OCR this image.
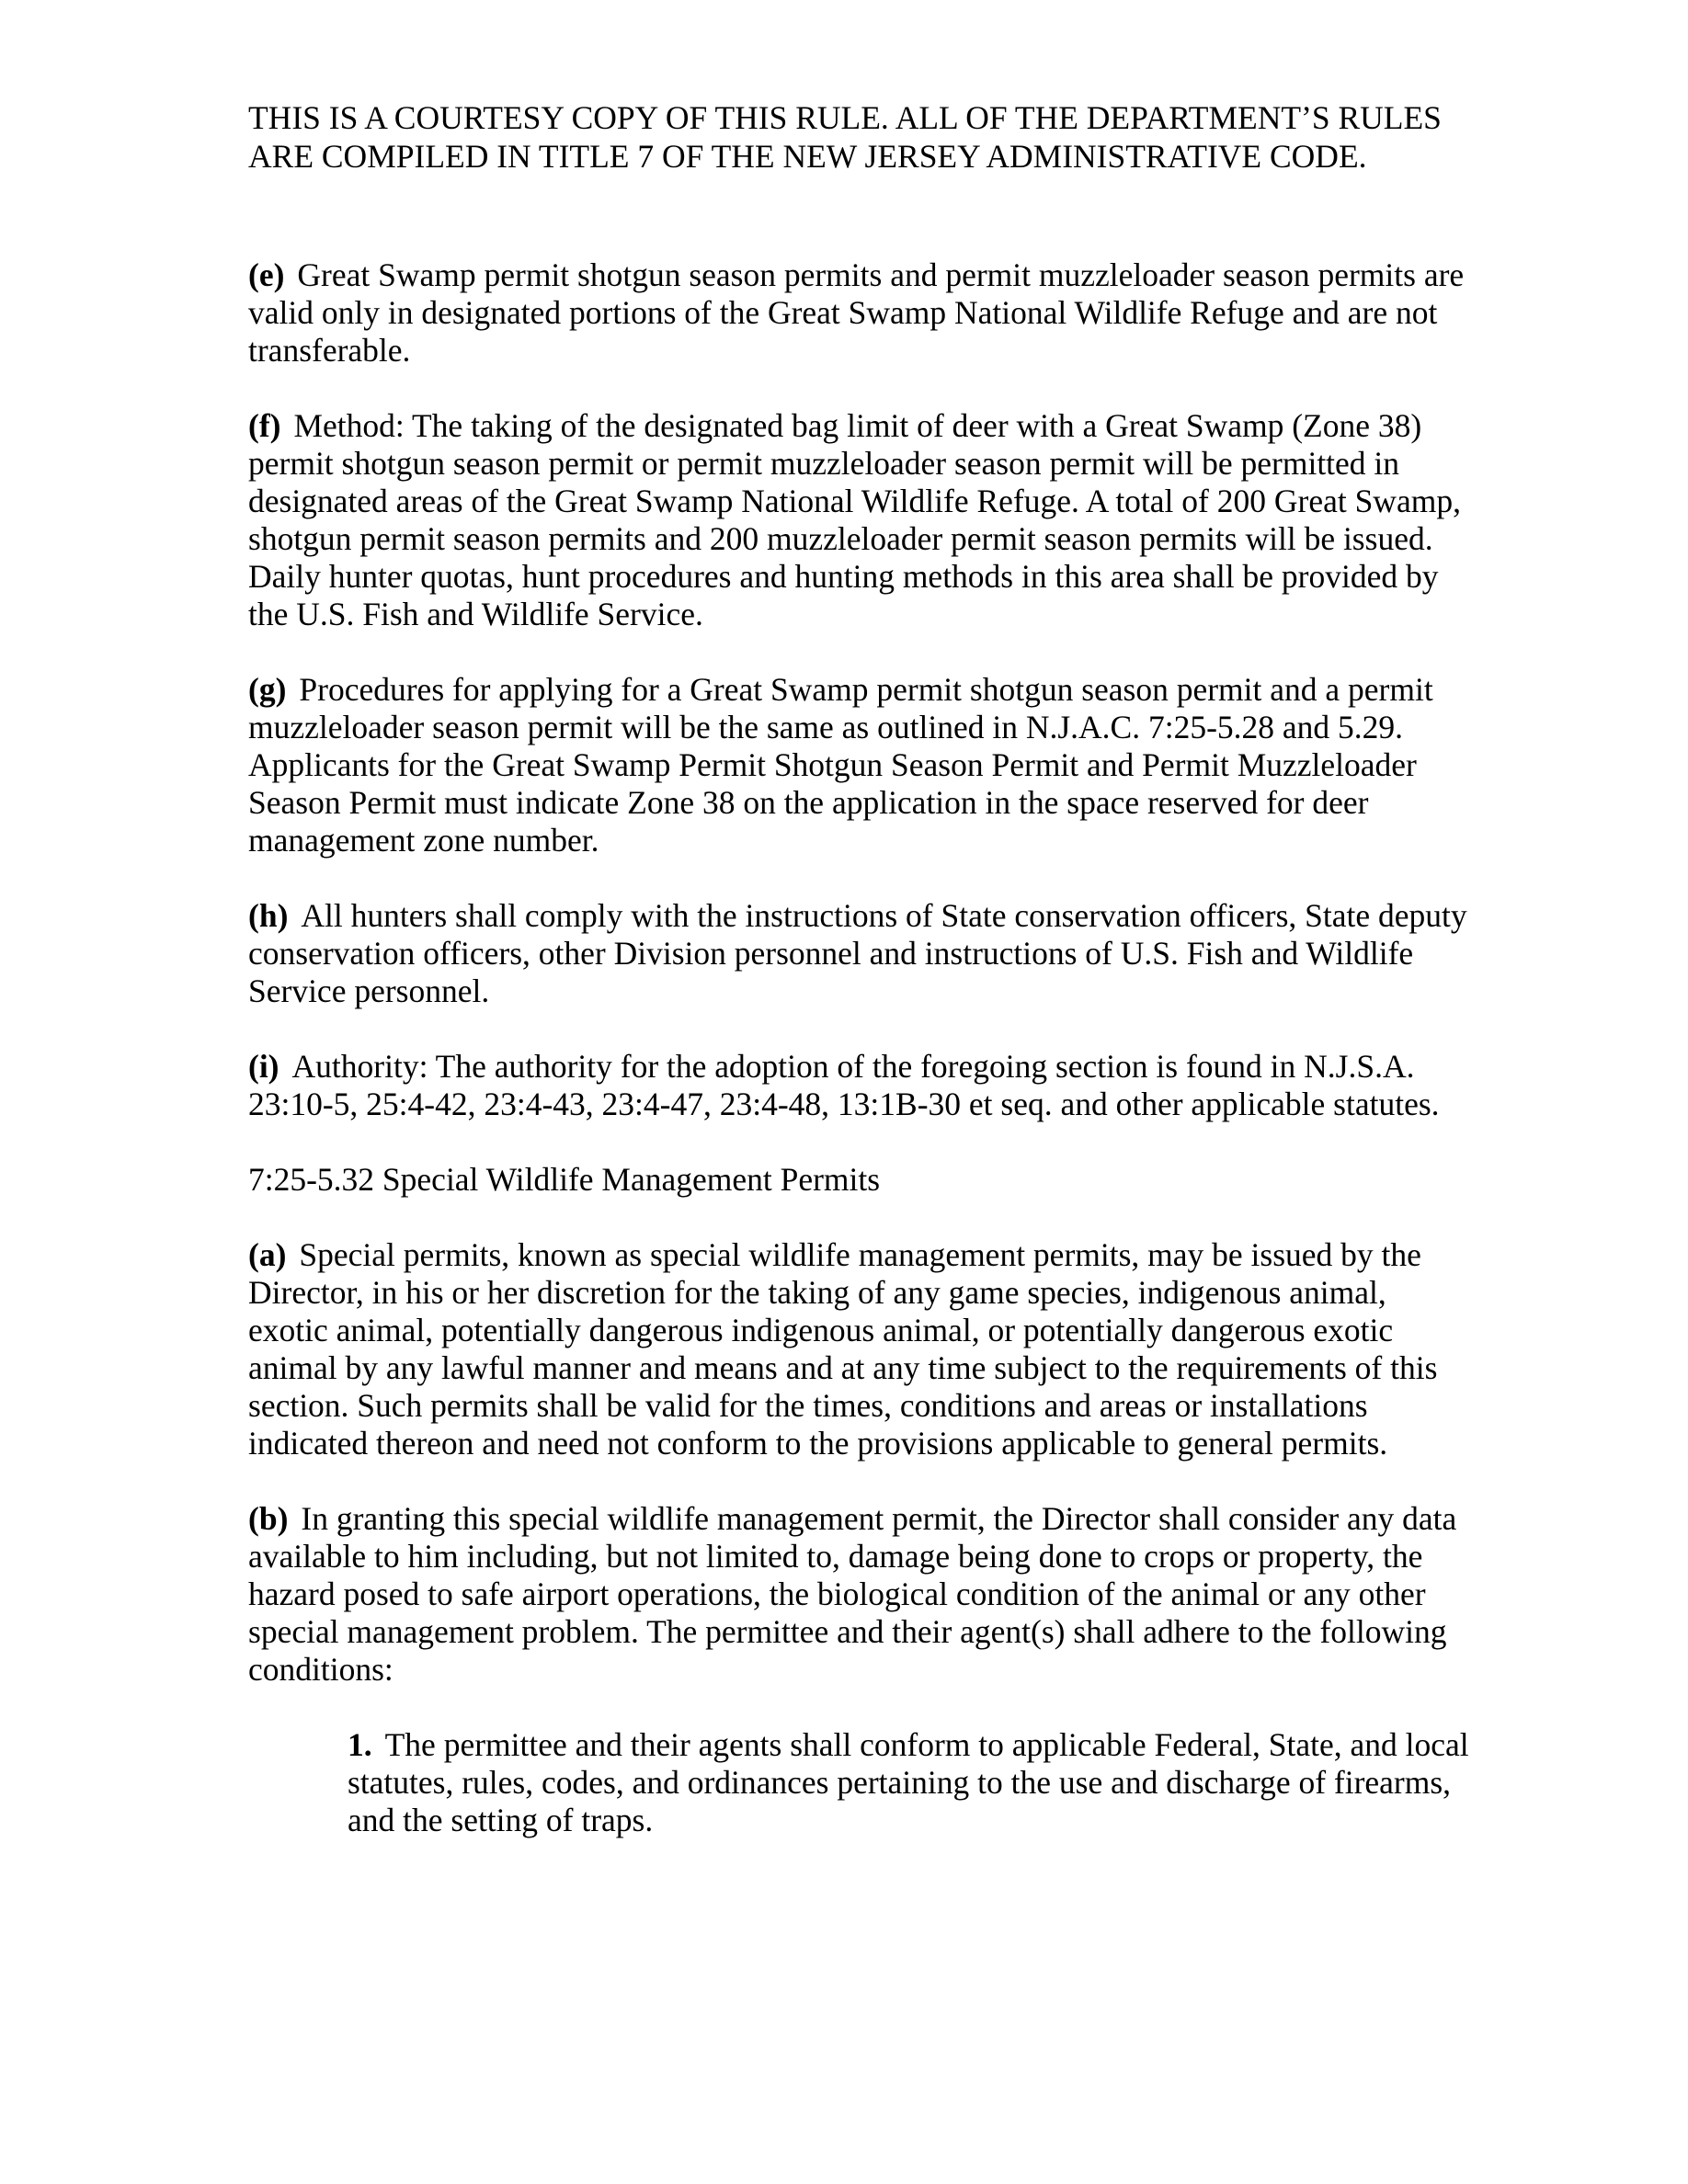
THIS IS A COURTESY COPY OF THIS RULE. ALL OF THE DEPARTMENT’S RULES ARE COMPILED IN TITLE 7 OF THE NEW JERSEY ADMINISTRATIVE CODE.
(e) Great Swamp permit shotgun season permits and permit muzzleloader season permits are valid only in designated portions of the Great Swamp National Wildlife Refuge and are not transferable.
(f) Method: The taking of the designated bag limit of deer with a Great Swamp (Zone 38) permit shotgun season permit or permit muzzleloader season permit will be permitted in designated areas of the Great Swamp National Wildlife Refuge. A total of 200 Great Swamp, shotgun permit season permits and 200 muzzleloader permit season permits will be issued. Daily hunter quotas, hunt procedures and hunting methods in this area shall be provided by the U.S. Fish and Wildlife Service.
(g) Procedures for applying for a Great Swamp permit shotgun season permit and a permit muzzleloader season permit will be the same as outlined in N.J.A.C. 7:25-5.28 and 5.29. Applicants for the Great Swamp Permit Shotgun Season Permit and Permit Muzzleloader Season Permit must indicate Zone 38 on the application in the space reserved for deer management zone number.
(h) All hunters shall comply with the instructions of State conservation officers, State deputy conservation officers, other Division personnel and instructions of U.S. Fish and Wildlife Service personnel.
(i) Authority: The authority for the adoption of the foregoing section is found in N.J.S.A. 23:10-5, 25:4-42, 23:4-43, 23:4-47, 23:4-48, 13:1B-30 et seq. and other applicable statutes.
7:25-5.32 Special Wildlife Management Permits
(a) Special permits, known as special wildlife management permits, may be issued by the Director, in his or her discretion for the taking of any game species, indigenous animal, exotic animal, potentially dangerous indigenous animal, or potentially dangerous exotic animal by any lawful manner and means and at any time subject to the requirements of this section. Such permits shall be valid for the times, conditions and areas or installations indicated thereon and need not conform to the provisions applicable to general permits.
(b) In granting this special wildlife management permit, the Director shall consider any data available to him including, but not limited to, damage being done to crops or property, the hazard posed to safe airport operations, the biological condition of the animal or any other special management problem. The permittee and their agent(s) shall adhere to the following conditions:
1. The permittee and their agents shall conform to applicable Federal, State, and local statutes, rules, codes, and ordinances pertaining to the use and discharge of firearms, and the setting of traps.
